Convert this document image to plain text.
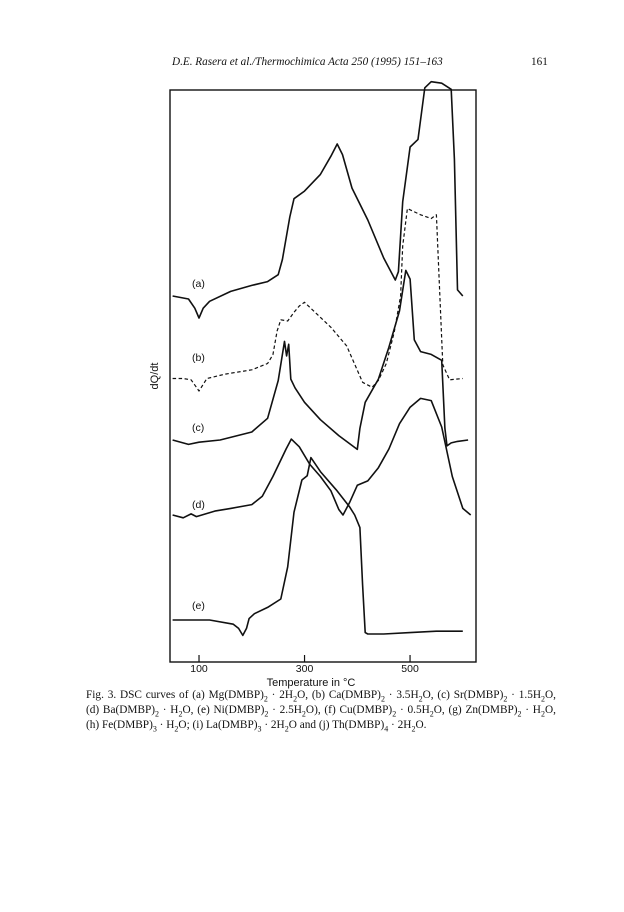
D.E. Rasera et al./Thermochimica Acta 250 (1995) 151–163	161
100	300	500
(a)
(b)
(c)
(d)
(e)
dQ/dt
Temperature in °C
Fig. 3. DSC curves of (a) $Mg(DMBP)_2 \cdot 2H_2O$, (b) $Ca(DMBP)_2 \cdot 3.5H_2O$, (c) $Sr(DMBP)_2 \cdot 1.5H_2O$, (d) $Ba(DMBP)_2 \cdot H_2O$, (e) $Ni(DMBP)_2 \cdot 2.5H_2O$), (f) $Cu(DMBP)_2 \cdot 0.5H_2O$, (g) $Zn(DMBP)_2 \cdot H_2O$, (h) $Fe(DMBP)_3 \cdot H_2O$; (i) $La(DMBP)_3 \cdot 2H_2O$ and (j) $Th(DMBP)_4 \cdot 2H_2O$.
